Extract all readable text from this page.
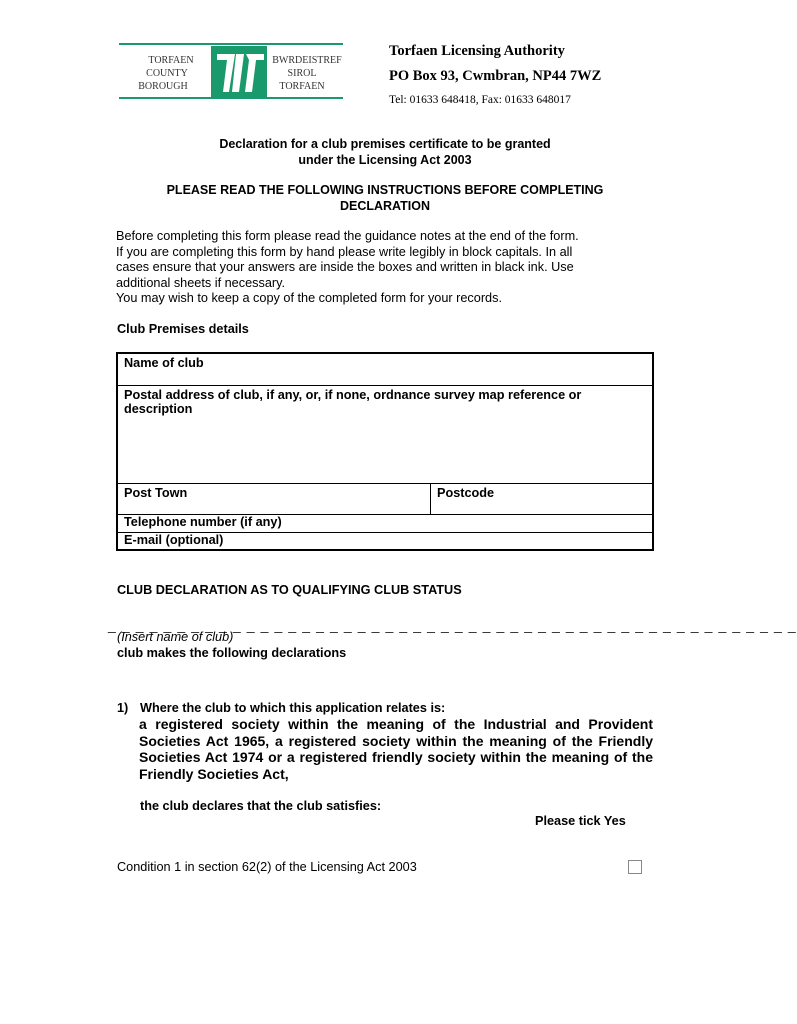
TORFAEN
COUNTY
BOROUGH
BWRDEISTREF
SIROL
TORFAEN
Torfaen Licensing Authority
PO Box 93, Cwmbran, NP44 7WZ
Tel: 01633 648418, Fax: 01633 648017
Declaration for a club premises certificate to be granted
under the Licensing Act 2003
PLEASE READ THE FOLLOWING INSTRUCTIONS BEFORE COMPLETING
DECLARATION
Before completing this form please read the guidance notes at the end of the form.
If you are completing this form by hand please write legibly in block capitals. In all
cases ensure that your answers are inside the boxes and written in black ink. Use
additional sheets if necessary.
You may wish to keep a copy of the completed form for your records.
Club Premises details
Name of club
Postal address of club, if any, or, if none, ordnance survey map reference or description
Post Town	Postcode
Telephone number (if any)
E-mail (optional)
CLUB DECLARATION AS TO QUALIFYING CLUB STATUS
_ _ _ _ _ _ _ _ _ _ _ _ _ _ _ _ _ _ _ _ _ _ _ _ _ _ _ _ _ _ _ _ _ _ _ _ _ _ _ _ _ _ _ _ _ _ _ _ _ _
(Insert name of club)
club makes the following declarations
1) Where the club to which this application relates is:
a registered society within the meaning of the Industrial and Provident Societies Act 1965, a registered society within the meaning of the Friendly Societies Act 1974 or a registered friendly society within the meaning of the Friendly Societies Act,
the club declares that the club satisfies:
Please tick Yes
Condition 1 in section 62(2) of the Licensing Act 2003
